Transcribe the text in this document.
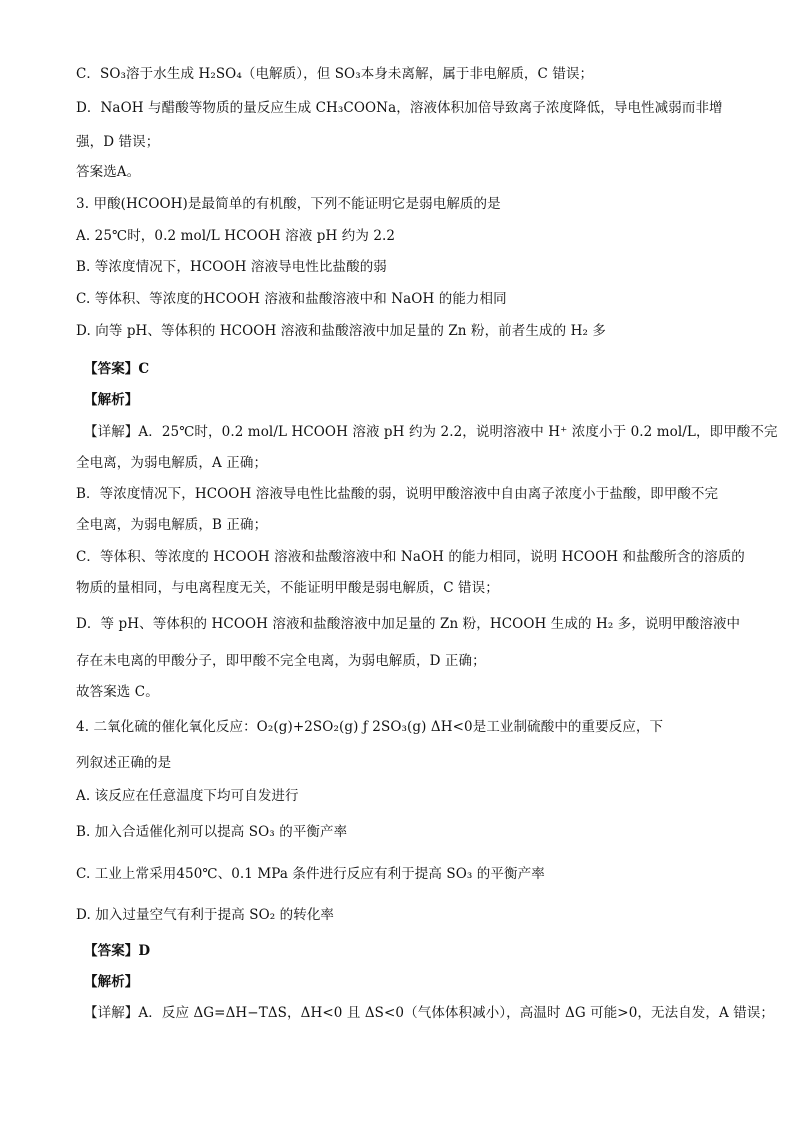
C．SO₃溶于水生成 H₂SO₄（电解质），但 SO₃本身未离解，属于非电解质，C 错误；
D．NaOH 与醋酸等物质的量反应生成 CH₃COONa，溶液体积加倍导致离子浓度降低，导电性减弱而非增
强，D 错误；
答案选A。
3. 甲酸(HCOOH)是最简单的有机酸，下列不能证明它是弱电解质的是
A. 25℃时，0.2 mol/L HCOOH 溶液 pH 约为 2.2
B. 等浓度情况下，HCOOH 溶液导电性比盐酸的弱
C. 等体积、等浓度的HCOOH 溶液和盐酸溶液中和 NaOH 的能力相同
D. 向等 pH、等体积的 HCOOH 溶液和盐酸溶液中加足量的 Zn 粉，前者生成的 H₂ 多
【答案】C
【解析】
【详解】A．25℃时，0.2 mol/L HCOOH 溶液 pH 约为 2.2，说明溶液中 H⁺ 浓度小于 0.2 mol/L，即甲酸不完
全电离，为弱电解质，A 正确；
B．等浓度情况下，HCOOH 溶液导电性比盐酸的弱，说明甲酸溶液中自由离子浓度小于盐酸，即甲酸不完
全电离，为弱电解质，B 正确；
C．等体积、等浓度的 HCOOH 溶液和盐酸溶液中和 NaOH 的能力相同，说明 HCOOH 和盐酸所含的溶质的
物质的量相同，与电离程度无关，不能证明甲酸是弱电解质，C 错误；
D．等 pH、等体积的 HCOOH 溶液和盐酸溶液中加足量的 Zn 粉，HCOOH 生成的 H₂ 多，说明甲酸溶液中
存在未电离的甲酸分子，即甲酸不完全电离，为弱电解质，D 正确；
故答案选 C。
4. 二氧化硫的催化氧化反应：O₂(g)+2SO₂(g) ƒ 2SO₃(g) ΔH<0是工业制硫酸中的重要反应，下
列叙述正确的是
A. 该反应在任意温度下均可自发进行
B. 加入合适催化剂可以提高 SO₃ 的平衡产率
C. 工业上常采用450℃、0.1 MPa 条件进行反应有利于提高 SO₃ 的平衡产率
D. 加入过量空气有利于提高 SO₂ 的转化率
【答案】D
【解析】
【详解】A．反应 ΔG=ΔH−TΔS，ΔH<0 且 ΔS<0（气体体积减小），高温时 ΔG 可能>0，无法自发，A 错误；
